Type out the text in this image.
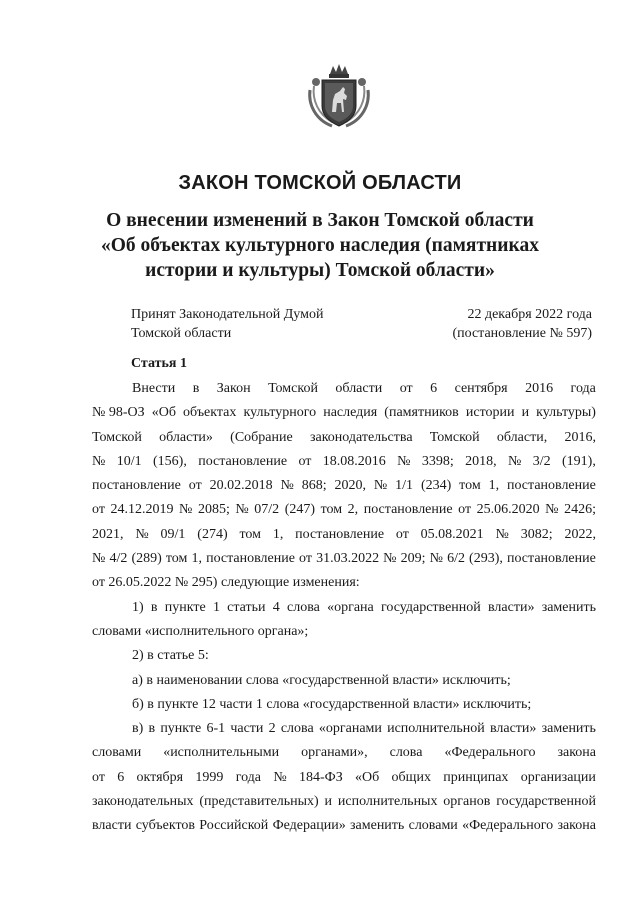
ЗАКОН ТОМСКОЙ ОБЛАСТИ
О внесении изменений в Закон Томской области
«Об объектах культурного наследия (памятниках
истории и культуры) Томской области»
Принят Законодательной Думой
Томской области
22 декабря 2022 года
(постановление № 597)
Статья 1
Внести в Закон Томской области от 6 сентября 2016 года
№ 98-ОЗ «Об объектах культурного наследия (памятников истории и культуры)
Томской области» (Собрание законодательства Томской области, 2016,
№ 10/1 (156), постановление от 18.08.2016 № 3398; 2018, № 3/2 (191),
постановление от 20.02.2018 № 868; 2020, № 1/1 (234) том 1, постановление
от 24.12.2019 № 2085; № 07/2 (247) том 2, постановление от 25.06.2020 № 2426;
2021, № 09/1 (274) том 1, постановление от 05.08.2021 № 3082; 2022,
№ 4/2 (289) том 1, постановление от 31.03.2022 № 209; № 6/2 (293), постановление
от 26.05.2022 № 295) следующие изменения:
1) в пункте 1 статьи 4 слова «органа государственной власти» заменить
словами «исполнительного органа»;
2) в статье 5:
а) в наименовании слова «государственной власти» исключить;
б) в пункте 12 части 1 слова «государственной власти» исключить;
в) в пункте 6-1 части 2 слова «органами исполнительной власти» заменить
словами «исполнительными органами», слова «Федерального закона
от 6 октября 1999 года № 184-ФЗ «Об общих принципах организации
законодательных (представительных) и исполнительных органов государственной
власти субъектов Российской Федерации» заменить словами «Федерального закона
